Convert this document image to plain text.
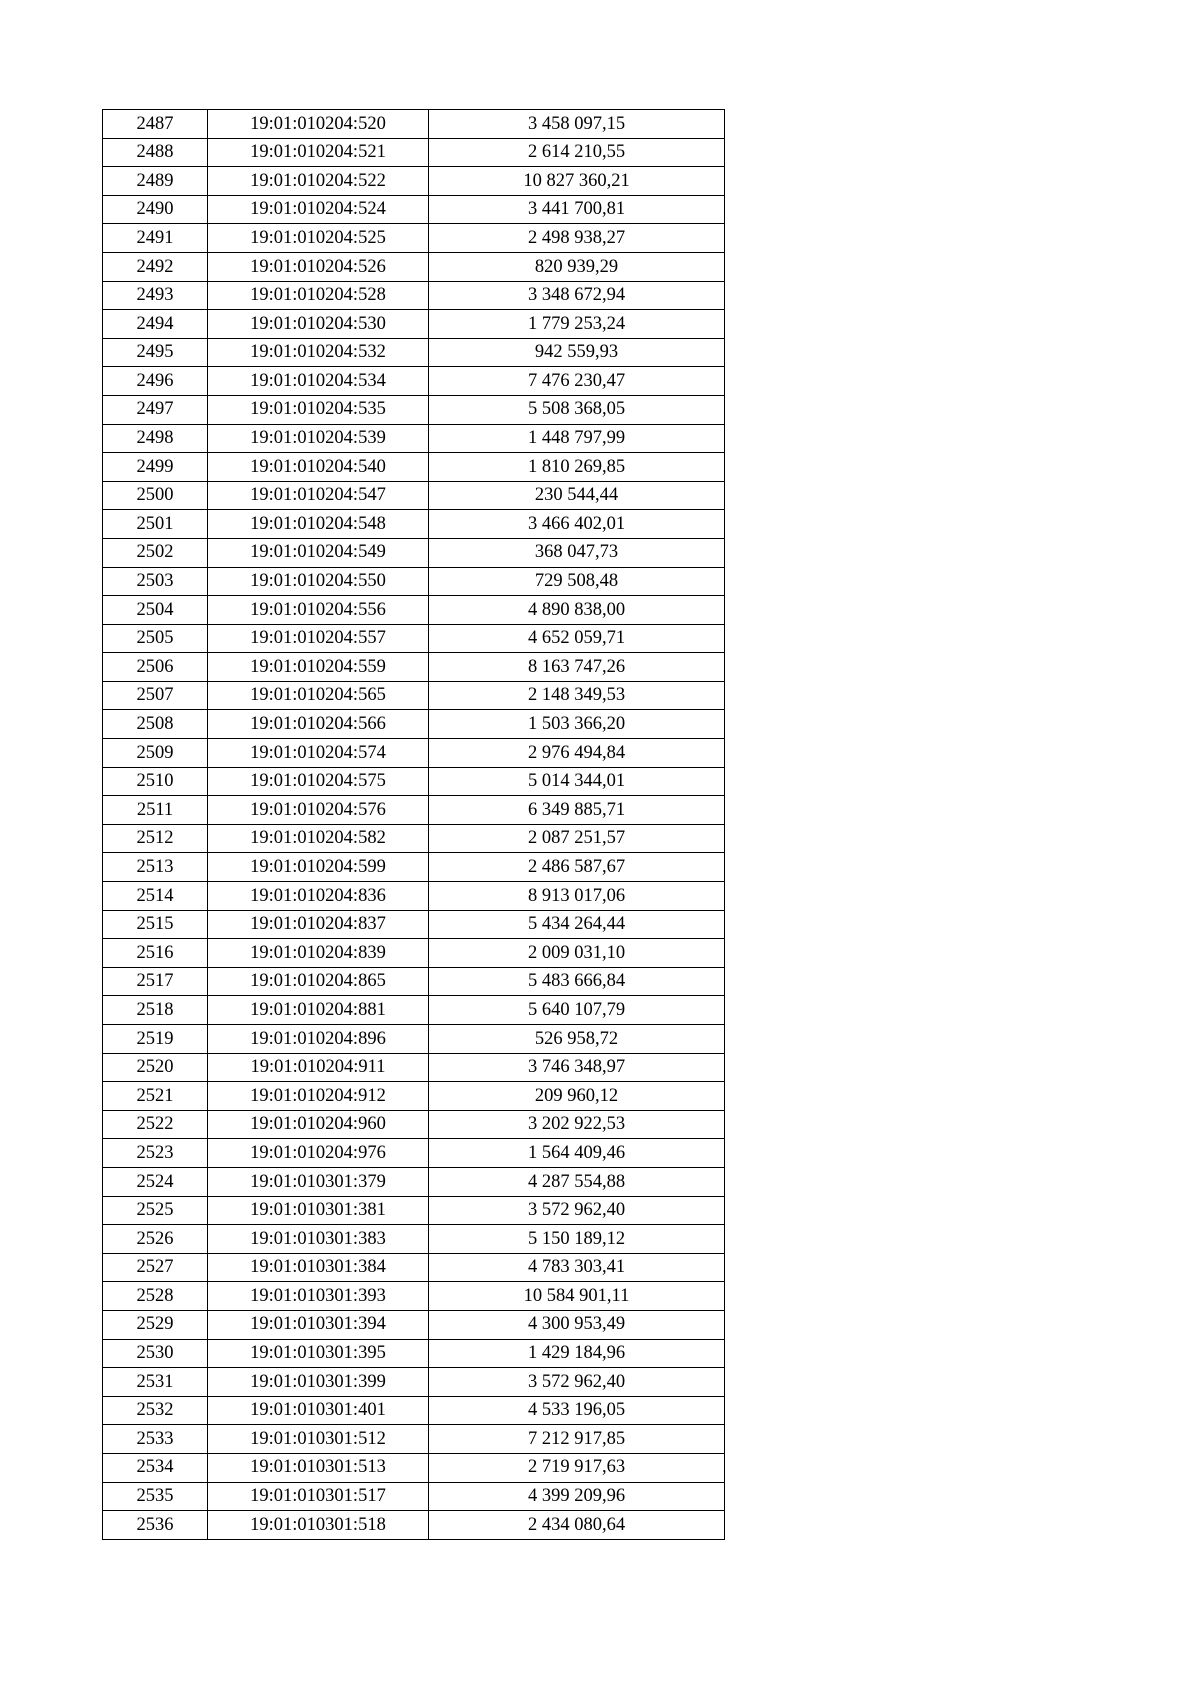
2487	19:01:010204:520	3 458 097,15
2488	19:01:010204:521	2 614 210,55
2489	19:01:010204:522	10 827 360,21
2490	19:01:010204:524	3 441 700,81
2491	19:01:010204:525	2 498 938,27
2492	19:01:010204:526	820 939,29
2493	19:01:010204:528	3 348 672,94
2494	19:01:010204:530	1 779 253,24
2495	19:01:010204:532	942 559,93
2496	19:01:010204:534	7 476 230,47
2497	19:01:010204:535	5 508 368,05
2498	19:01:010204:539	1 448 797,99
2499	19:01:010204:540	1 810 269,85
2500	19:01:010204:547	230 544,44
2501	19:01:010204:548	3 466 402,01
2502	19:01:010204:549	368 047,73
2503	19:01:010204:550	729 508,48
2504	19:01:010204:556	4 890 838,00
2505	19:01:010204:557	4 652 059,71
2506	19:01:010204:559	8 163 747,26
2507	19:01:010204:565	2 148 349,53
2508	19:01:010204:566	1 503 366,20
2509	19:01:010204:574	2 976 494,84
2510	19:01:010204:575	5 014 344,01
2511	19:01:010204:576	6 349 885,71
2512	19:01:010204:582	2 087 251,57
2513	19:01:010204:599	2 486 587,67
2514	19:01:010204:836	8 913 017,06
2515	19:01:010204:837	5 434 264,44
2516	19:01:010204:839	2 009 031,10
2517	19:01:010204:865	5 483 666,84
2518	19:01:010204:881	5 640 107,79
2519	19:01:010204:896	526 958,72
2520	19:01:010204:911	3 746 348,97
2521	19:01:010204:912	209 960,12
2522	19:01:010204:960	3 202 922,53
2523	19:01:010204:976	1 564 409,46
2524	19:01:010301:379	4 287 554,88
2525	19:01:010301:381	3 572 962,40
2526	19:01:010301:383	5 150 189,12
2527	19:01:010301:384	4 783 303,41
2528	19:01:010301:393	10 584 901,11
2529	19:01:010301:394	4 300 953,49
2530	19:01:010301:395	1 429 184,96
2531	19:01:010301:399	3 572 962,40
2532	19:01:010301:401	4 533 196,05
2533	19:01:010301:512	7 212 917,85
2534	19:01:010301:513	2 719 917,63
2535	19:01:010301:517	4 399 209,96
2536	19:01:010301:518	2 434 080,64
